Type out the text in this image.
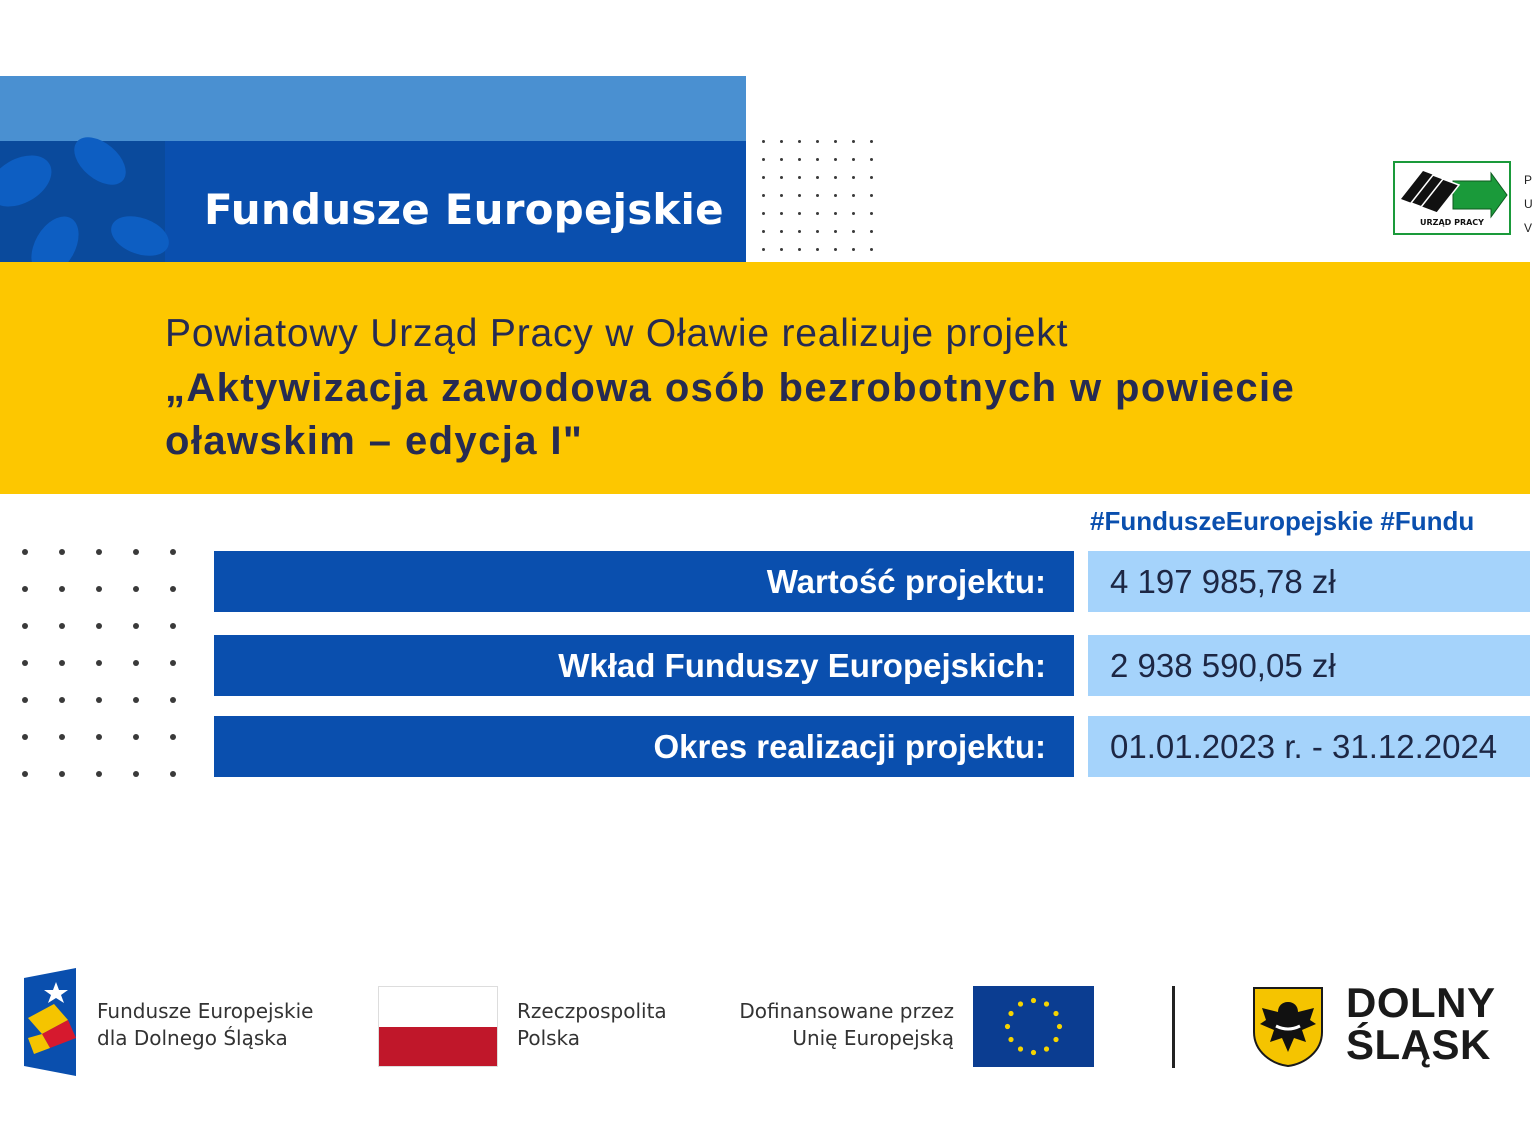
Fundusze Europejskie	URZĄD PRACY
P
U
V
Powiatowy Urząd Pracy w Oławie realizuje projekt
„Aktywizacja zawodowa osób bezrobotnych w powiecie
oławskim – edycja I"
#FunduszeEuropejskie #Fundu
Wartość projektu:	4 197 985,78 zł
Wkład Funduszy Europejskich:	2 938 590,05 zł
Okres realizacji projektu:	01.01.2023 r. - 31.12.2024
Fundusze Europejskie
dla Dolnego Śląska
Rzeczpospolita
Polska
Dofinansowane przez
Unię Europejską
DOLNY
ŚLĄSK
